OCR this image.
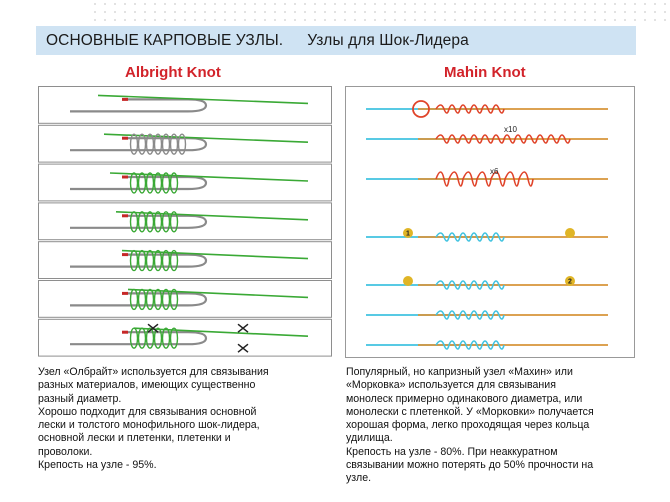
ОСНОВНЫЕ КАРПОВЫЕ УЗЛЫ. Узлы для Шок-Лидера
Albright Knot	Mahin Knot
x10
x6
1
2

Узел «Олбрайт» используется для связывания
разных материалов, имеющих существенно
разный диаметр.

Хорошо подходит для связывания основной
лески и толстого монофильного шок-лидера,
основной лески и плетенки, плетенки и
проволоки.

Крепость на узле - 95%.

Популярный, но капризный узел «Махин» или
«Морковка» используется для связывания
монолеск примерно одинакового диаметра, или
монолески с плетенкой. У «Морковки» получается
хорошая форма, легко проходящая через кольца
удилища.

Крепость на узле - 80%. При неаккуратном
связывании можно потерять до 50% прочности на
узле.
